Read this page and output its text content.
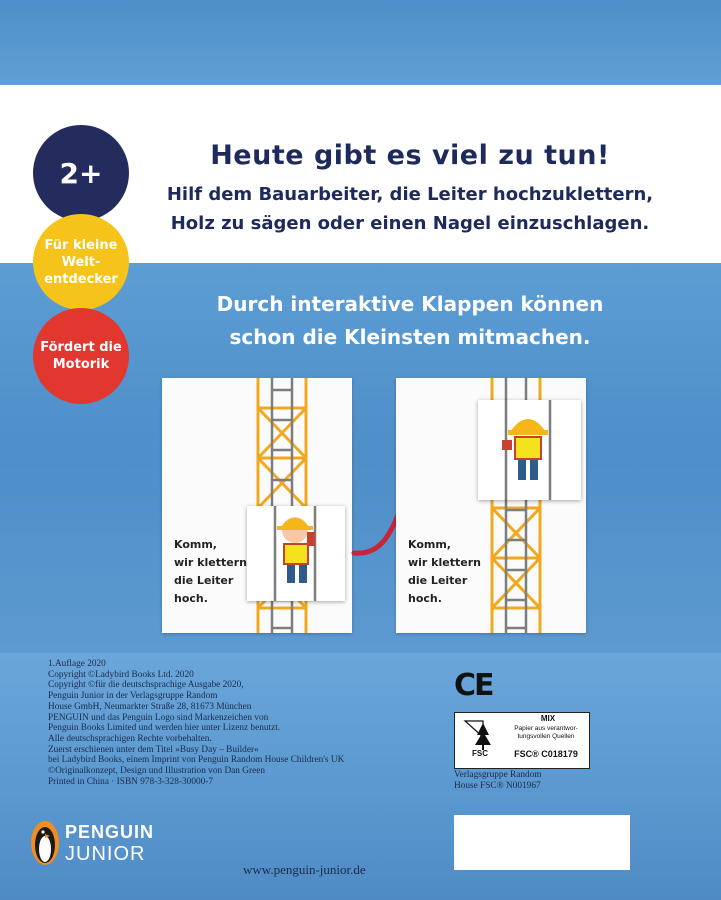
2+
Für kleine
Welt-
entdecker
Fördert die
Motorik
Heute gibt es viel zu tun!
Hilf dem Bauarbeiter, die Leiter hochzuklettern,
Holz zu sägen oder einen Nagel einzuschlagen.
Durch interaktive Klappen können
schon die Kleinsten mitmachen.
Komm,
wir klettern
die Leiter
hoch.
Komm,
wir klettern
die Leiter
hoch.
1.Auflage 2020
Copyright ©Ladybird Books Ltd. 2020
Copyright ©für die deutschsprachige Ausgabe 2020,
Penguin Junior in der Verlagsgruppe Random
House GmbH, Neumarkter Straße 28, 81673 München
PENGUIN und das Penguin Logo sind Markenzeichen von
Penguin Books Limited und werden hier unter Lizenz benutzt.
Alle deutschsprachigen Rechte vorbehalten.
Zuerst erschienen unter dem Titel »Busy Day – Builder«
bei Ladybird Books, einem Imprint von Penguin Random House Children's UK
©Originalkonzept, Design und Illustration von Dan Green
Printed in China · ISBN 978-3-328-30000-7
PENGUIN
JUNIOR
www.penguin-junior.de
CE
FSC
MIX
Papier aus verantwor-
tungsvollen Quellen
FSC® C018179
Verlagsgruppe Random
House FSC® N001967
